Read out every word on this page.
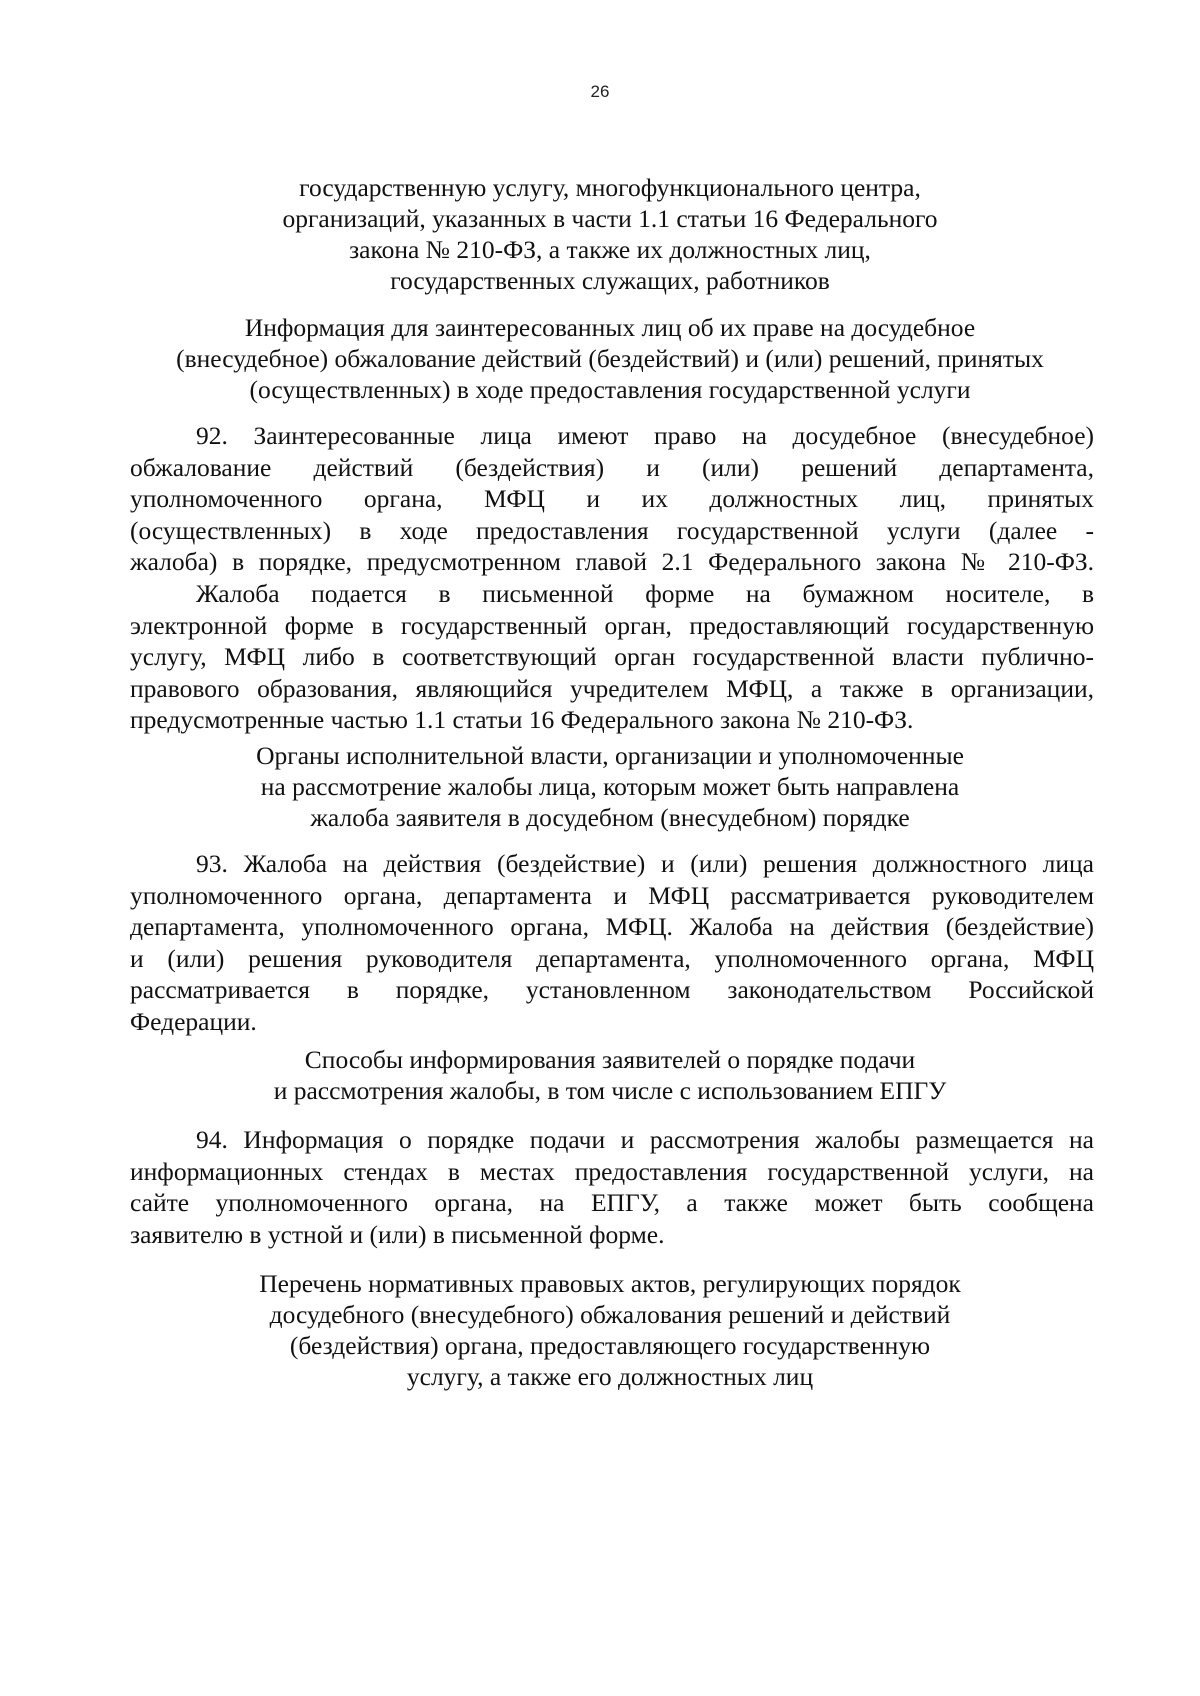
26
государственную услугу, многофункционального центра,
организаций, указанных в части 1.1 статьи 16 Федерального
закона № 210-ФЗ, а также их должностных лиц,
государственных служащих, работников
Информация для заинтересованных лиц об их праве на досудебное
(внесудебное) обжалование действий (бездействий) и (или) решений, принятых
(осуществленных) в ходе предоставления государственной услуги
92. Заинтересованные лица имеют право на досудебное (внесудебное)
обжалование действий (бездействия) и (или) решений департамента,
уполномоченного органа, МФЦ и их должностных лиц, принятых
(осуществленных) в ходе предоставления государственной услуги (далее -
жалоба) в порядке, предусмотренном главой 2.1 Федерального закона № 210-ФЗ.
Жалоба подается в письменной форме на бумажном носителе, в
электронной форме в государственный орган, предоставляющий государственную
услугу, МФЦ либо в соответствующий орган государственной власти публично-
правового образования, являющийся учредителем МФЦ, а также в организации,
предусмотренные частью 1.1 статьи 16 Федерального закона № 210-ФЗ.
Органы исполнительной власти, организации и уполномоченные
на рассмотрение жалобы лица, которым может быть направлена
жалоба заявителя в досудебном (внесудебном) порядке
93. Жалоба на действия (бездействие) и (или) решения должностного лица
уполномоченного органа, департамента и МФЦ рассматривается руководителем
департамента, уполномоченного органа, МФЦ. Жалоба на действия (бездействие)
и (или) решения руководителя департамента, уполномоченного органа, МФЦ
рассматривается в порядке, установленном законодательством Российской
Федерации.
Способы информирования заявителей о порядке подачи
и рассмотрения жалобы, в том числе с использованием ЕПГУ
94. Информация о порядке подачи и рассмотрения жалобы размещается на
информационных стендах в местах предоставления государственной услуги, на
сайте уполномоченного органа, на ЕПГУ, а также может быть сообщена
заявителю в устной и (или) в письменной форме.
Перечень нормативных правовых актов, регулирующих порядок
досудебного (внесудебного) обжалования решений и действий
(бездействия) органа, предоставляющего государственную
услугу, а также его должностных лиц
